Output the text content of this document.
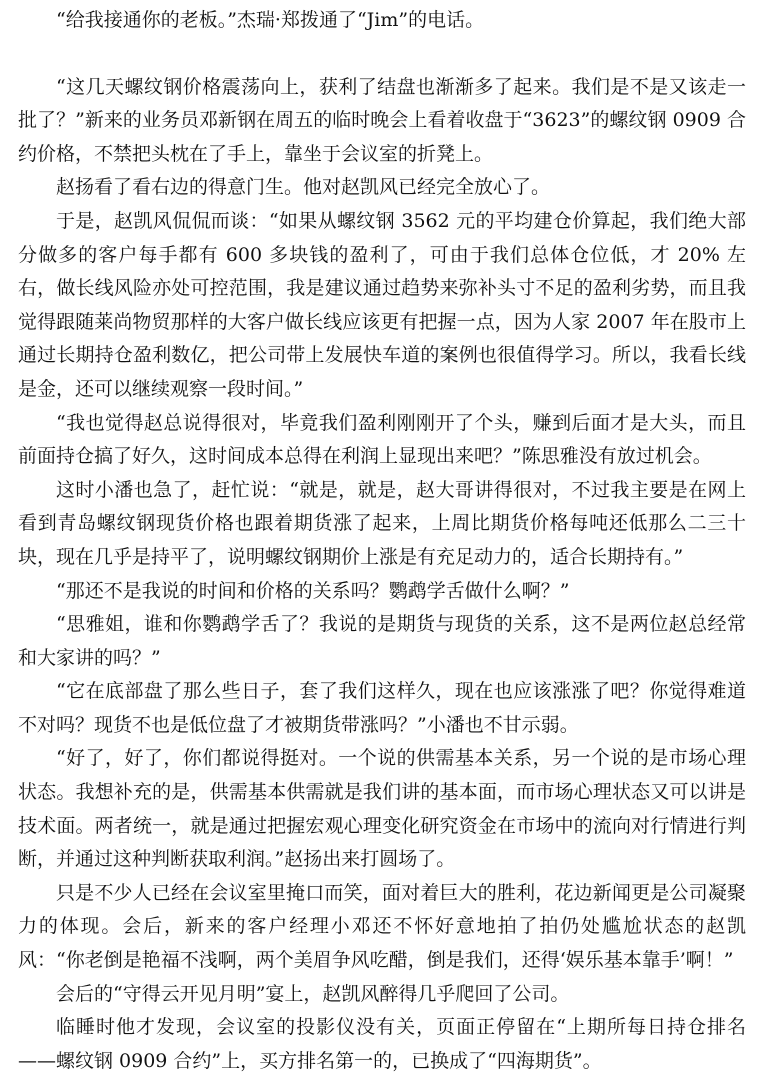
“给我接通你的老板。”杰瑞·郑拨通了“Jim”的电话。

“这几天螺纹钢价格震荡向上，获利了结盘也渐渐多了起来。我们是不是又该走一批了？”新来的业务员邓新钢在周五的临时晚会上看着收盘于“3623”的螺纹钢 0909 合约价格，不禁把头枕在了手上，靠坐于会议室的折凳上。

赵扬看了看右边的得意门生。他对赵凯风已经完全放心了。

于是，赵凯风侃侃而谈：“如果从螺纹钢 3562 元的平均建仓价算起，我们绝大部分做多的客户每手都有 600 多块钱的盈利了，可由于我们总体仓位低，才 20% 左右，做长线风险亦处可控范围，我是建议通过趋势来弥补头寸不足的盈利劣势，而且我觉得跟随莱尚物贸那样的大客户做长线应该更有把握一点，因为人家 2007 年在股市上通过长期持仓盈利数亿，把公司带上发展快车道的案例也很值得学习。所以，我看长线是金，还可以继续观察一段时间。”

“我也觉得赵总说得很对，毕竟我们盈利刚刚开了个头，赚到后面才是大头，而且前面持仓搞了好久，这时间成本总得在利润上显现出来吧？”陈思雅没有放过机会。

这时小潘也急了，赶忙说：“就是，就是，赵大哥讲得很对，不过我主要是在网上看到青岛螺纹钢现货价格也跟着期货涨了起来，上周比期货价格每吨还低那么二三十块，现在几乎是持平了，说明螺纹钢期价上涨是有充足动力的，适合长期持有。”

“那还不是我说的时间和价格的关系吗？鹦鹉学舌做什么啊？”

“思雅姐，谁和你鹦鹉学舌了？我说的是期货与现货的关系，这不是两位赵总经常和大家讲的吗？”

“它在底部盘了那么些日子，套了我们这样久，现在也应该涨涨了吧？你觉得难道不对吗？现货不也是低位盘了才被期货带涨吗？”小潘也不甘示弱。

“好了，好了，你们都说得挺对。一个说的供需基本关系，另一个说的是市场心理状态。我想补充的是，供需基本供需就是我们讲的基本面，而市场心理状态又可以讲是技术面。两者统一，就是通过把握宏观心理变化研究资金在市场中的流向对行情进行判断，并通过这种判断获取利润。”赵扬出来打圆场了。

只是不少人已经在会议室里掩口而笑，面对着巨大的胜利，花边新闻更是公司凝聚力的体现。会后，新来的客户经理小邓还不怀好意地拍了拍仍处尴尬状态的赵凯风：“你老倒是艳福不浅啊，两个美眉争风吃醋，倒是我们，还得‘娱乐基本靠手’啊！”

会后的“守得云开见月明”宴上，赵凯风醉得几乎爬回了公司。

临睡时他才发现，会议室的投影仪没有关，页面正停留在“上期所每日持仓排名——螺纹钢 0909 合约”上，买方排名第一的，已换成了“四海期货”。
